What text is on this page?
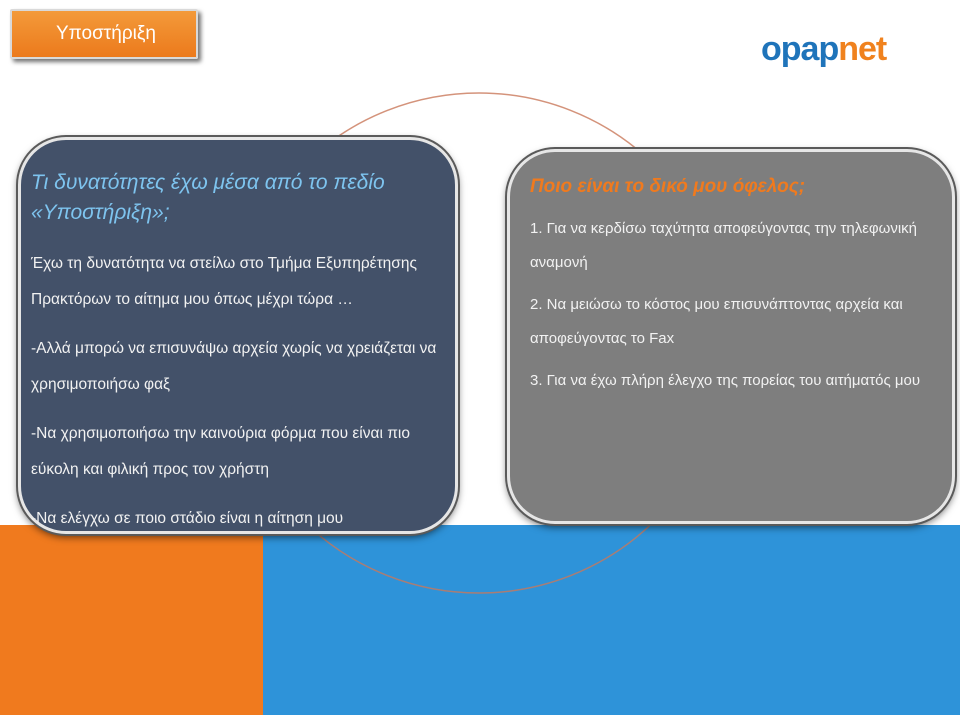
Υποστήριξη	opapnet
Τι δυνατότητες έχω μέσα από το πεδίο «Υποστήριξη»;

Έχω τη δυνατότητα να στείλω στο Τμήμα Εξυπηρέτησης Πρακτόρων το αίτημα μου όπως μέχρι τώρα …

-Αλλά μπορώ να επισυνάψω αρχεία χωρίς να χρειάζεται να χρησιμοποιήσω φαξ

-Να χρησιμοποιήσω την καινούρια φόρμα που είναι πιο εύκολη και φιλική προς τον χρήστη

-Να ελέγχω σε ποιο στάδιο είναι η αίτηση μου

Ποιο είναι το δικό μου όφελος;

1. Για να κερδίσω ταχύτητα αποφεύγοντας την τηλεφωνική αναμονή

2. Να μειώσω το κόστος μου επισυνάπτοντας αρχεία και αποφεύγοντας το Fax

3. Για να έχω πλήρη έλεγχο της πορείας του αιτήματός μου
